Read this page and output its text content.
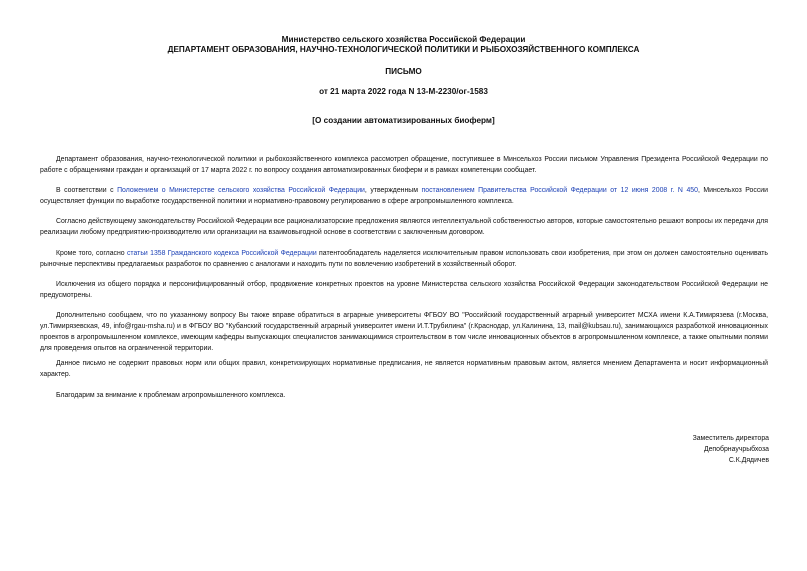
Министерство сельского хозяйства Российской Федерации
ДЕПАРТАМЕНТ ОБРАЗОВАНИЯ, НАУЧНО-ТЕХНОЛОГИЧЕСКОЙ ПОЛИТИКИ И РЫБОХОЗЯЙСТВЕННОГО КОМПЛЕКСА
ПИСЬМО
от 21 марта 2022 года N 13-М-2230/ог-1583
[О создании автоматизированных биоферм]
Департамент образования, научно-технологической политики и рыбохозяйственного комплекса рассмотрел обращение, поступившее в Минсельхоз России письмом Управления Президента Российской Федерации по работе с обращениями граждан и организаций от 17 марта 2022 г. по вопросу создания автоматизированных биоферм и в рамках компетенции сообщает.
В соответствии с Положением о Министерстве сельского хозяйства Российской Федерации, утвержденным постановлением Правительства Российской Федерации от 12 июня 2008 г. N 450, Минсельхоз России осуществляет функции по выработке государственной политики и нормативно-правовому регулированию в сфере агропромышленного комплекса.
Согласно действующему законодательству Российской Федерации все рационализаторские предложения являются интеллектуальной собственностью авторов, которые самостоятельно решают вопросы их передачи для реализации любому предприятию-производителю или организации на взаимовыгодной основе в соответствии с заключенным договором.
Кроме того, согласно статьи 1358 Гражданского кодекса Российской Федерации патентообладатель наделяется исключительным правом использовать свои изобретения, при этом он должен самостоятельно оценивать рыночные перспективы предлагаемых разработок по сравнению с аналогами и находить пути по вовлечению изобретений в хозяйственный оборот.
Исключения из общего порядка и персонифицированный отбор, продвижение конкретных проектов на уровне Министерства сельского хозяйства Российской Федерации законодательством Российской Федерации не предусмотрены.
Дополнительно сообщаем, что по указанному вопросу Вы также вправе обратиться в аграрные университеты ФГБОУ ВО "Российский государственный аграрный университет МСХА имени К.А.Тимирязева (г.Москва, ул.Тимирязевская, 49, info@rgau-msha.ru) и в ФГБОУ ВО "Кубанский государственный аграрный университет имени И.Т.Трубилина" (г.Краснодар, ул.Калинина, 13, mail@kubsau.ru), занимающихся разработкой инновационных проектов в агропромышленном комплексе, имеющим кафедры выпускающих специалистов занимающимися строительством в том числе инновационных объектов в агропромышленном комплексе, а также опытными полями для проведения опытов на ограниченной территории.
Данное письмо не содержит правовых норм или общих правил, конкретизирующих нормативные предписания, не является нормативным правовым актом, является мнением Департамента и носит информационный характер.
Благодарим за внимание к проблемам агропромышленного комплекса.
Заместитель директора
Депобрнаучрыбхоза
С.К.Дядичев
